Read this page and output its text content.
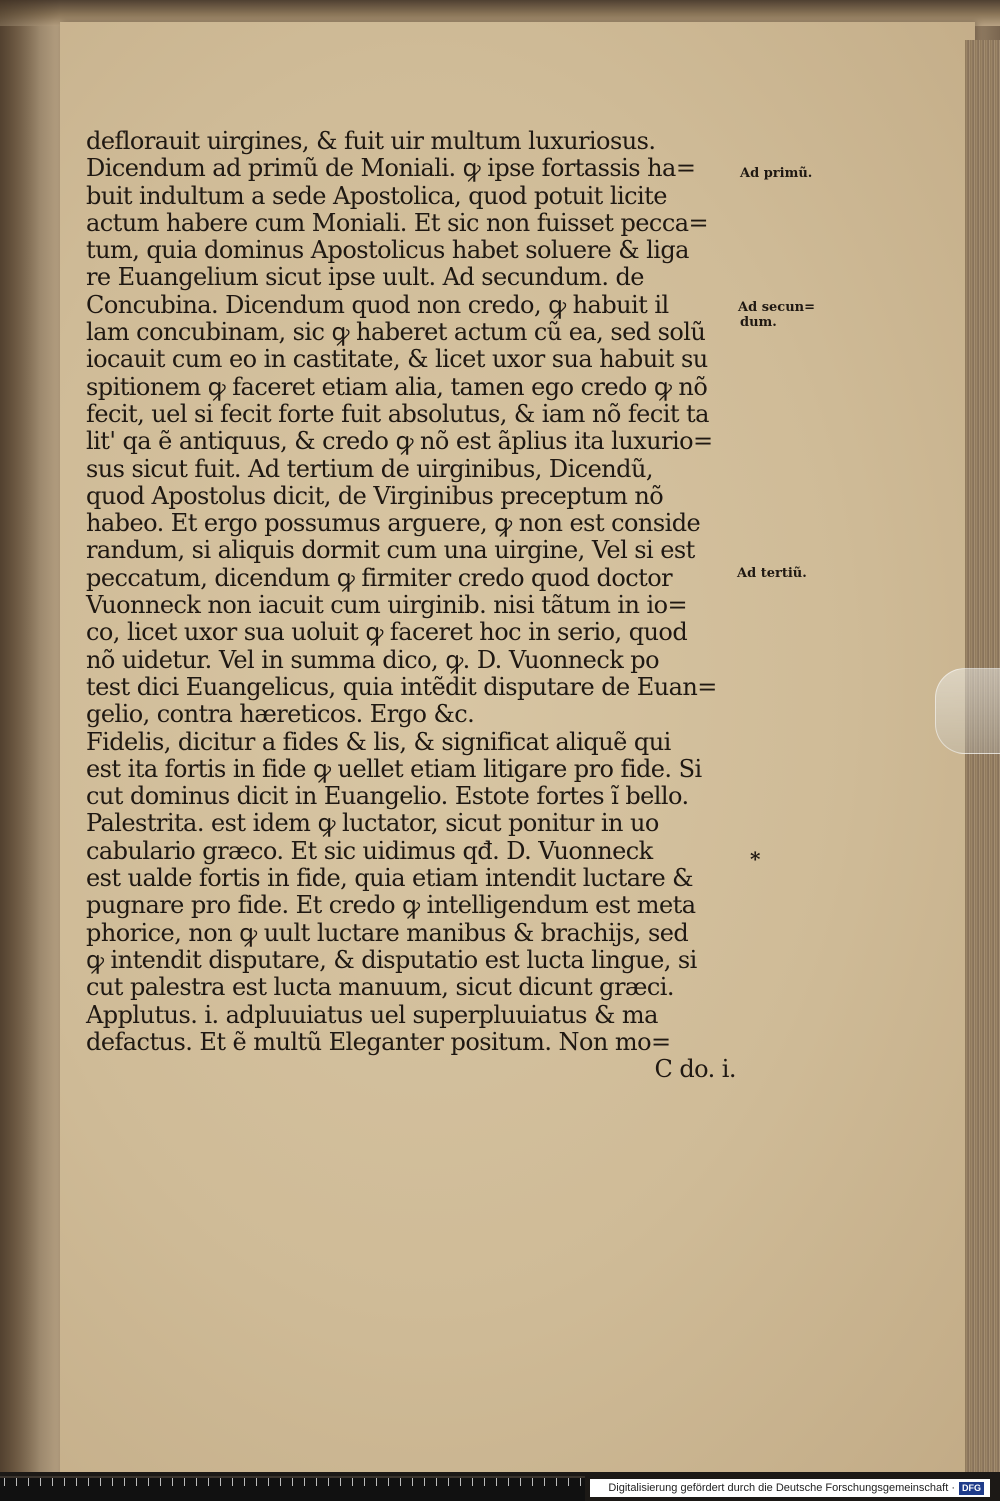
deflorauit uirgines, & fuit uir multum luxuriosus.
Dicendum ad primũ de Moniali. ꝙ ipse fortassis ha=
buit indultum a sede Apostolica, quod potuit licite
actum habere cum Moniali. Et sic non fuisset pecca=
tum, quia dominus Apostolicus habet soluere & liga
re Euangelium sicut ipse uult. Ad secundum. de
Concubina. Dicendum quod non credo, ꝙ habuit il
lam concubinam, sic ꝙ haberet actum cũ ea, sed solũ
iocauit cum eo in castitate, & licet uxor sua habuit su
spitionem ꝙ faceret etiam alia, tamen ego credo ꝙ nõ
fecit, uel si fecit forte fuit absolutus, & iam nõ fecit ta
lit' qa ẽ antiquus, & credo ꝙ nõ est ãplius ita luxurio=
sus sicut fuit. Ad tertium de uirginibus, Dicendũ,
quod Apostolus dicit, de Virginibus preceptum nõ
habeo. Et ergo possumus arguere, ꝙ non est conside
randum, si aliquis dormit cum una uirgine, Vel si est
peccatum, dicendum ꝙ firmiter credo quod doctor
Vuonneck non iacuit cum uirginib. nisi tãtum in io=
co, licet uxor sua uoluit ꝙ faceret hoc in serio, quod
nõ uidetur. Vel in summa dico, ꝙ. D. Vuonneck po
test dici Euangelicus, quia intẽdit disputare de Euan=
gelio, contra hæreticos. Ergo &c.
Fidelis, dicitur a fides & lis, & significat aliquẽ qui
est ita fortis in fide ꝙ uellet etiam litigare pro fide. Si
cut dominus dicit in Euangelio. Estote fortes ĩ bello.
Palestrita. est idem ꝙ luctator, sicut ponitur in uo
cabulario græco. Et sic uidimus qđ. D. Vuonneck
est ualde fortis in fide, quia etiam intendit luctare &
pugnare pro fide. Et credo ꝙ intelligendum est meta
phorice, non ꝙ uult luctare manibus & brachijs, sed
ꝙ intendit disputare, & disputatio est lucta lingue, si
cut palestra est lucta manuum, sicut dicunt græci.
Applutus. i. adpluuiatus uel superpluuiatus & ma
defactus. Et ẽ multũ Eleganter positum. Non mo=
C do. i.
Ad primũ.
Ad secun=
dum.
Ad tertiũ.
*
Digitalisierung gefördert durch die Deutsche Forschungsgemeinschaft · DFG
